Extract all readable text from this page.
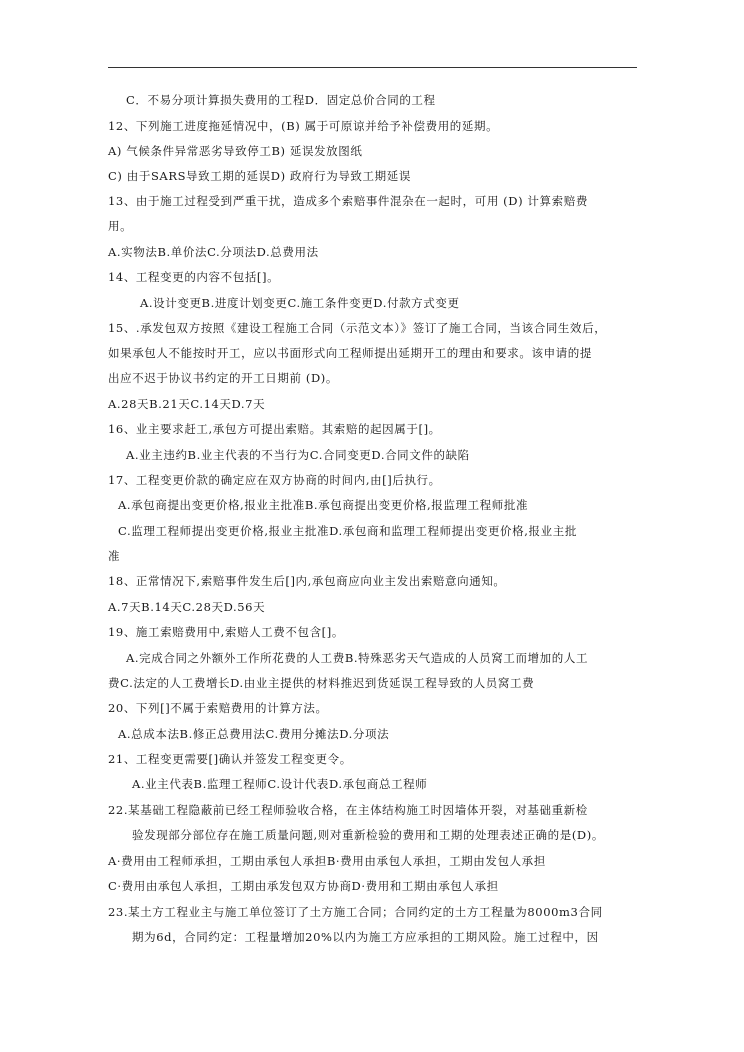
C．不易分项计算损失费用的工程D．固定总价合同的工程
12、下列施工进度拖延情况中，(B) 属于可原谅并给予补偿费用的延期。
A) 气候条件异常恶劣导致停工B) 延误发放图纸
C) 由于SARS导致工期的延误D) 政府行为导致工期延误
13、由于施工过程受到严重干扰，造成多个索赔事件混杂在一起时，可用 (D) 计算索赔费
用。
A.实物法B.单价法C.分项法D.总费用法
14、工程变更的内容不包括[]。
A.设计变更B.进度计划变更C.施工条件变更D.付款方式变更
15、.承发包双方按照《建设工程施工合同（示范文本）》签订了施工合同，当该合同生效后，
如果承包人不能按时开工，应以书面形式向工程师提出延期开工的理由和要求。该申请的提
出应不迟于协议书约定的开工日期前 (D)。
A.28天B.21天C.14天D.7天
16、业主要求赶工,承包方可提出索赔。其索赔的起因属于[]。
A.业主违约B.业主代表的不当行为C.合同变更D.合同文件的缺陷
17、工程变更价款的确定应在双方协商的时间内,由[]后执行。
A.承包商提出变更价格,报业主批准B.承包商提出变更价格,报监理工程师批准
C.监理工程师提出变更价格,报业主批准D.承包商和监理工程师提出变更价格,报业主批
准
18、正常情况下,索赔事件发生后[]内,承包商应向业主发出索赔意向通知。
A.7天B.14天C.28天D.56天
19、施工索赔费用中,索赔人工费不包含[]。
A.完成合同之外额外工作所花费的人工费B.特殊恶劣天气造成的人员窝工而增加的人工
费C.法定的人工费增长D.由业主提供的材料推迟到货延误工程导致的人员窝工费
20、下列[]不属于索赔费用的计算方法。
A.总成本法B.修正总费用法C.费用分摊法D.分项法
21、工程变更需要[]确认并签发工程变更令。
A.业主代表B.监理工程师C.设计代表D.承包商总工程师
22.某基础工程隐蔽前已经工程师验收合格，在主体结构施工时因墙体开裂，对基础重新检
验发现部分部位存在施工质量问题,则对重新检验的费用和工期的处理表述正确的是(D)。
A·费用由工程师承担，工期由承包人承担B·费用由承包人承担，工期由发包人承担
C·费用由承包人承担，工期由承发包双方协商D·费用和工期由承包人承担
23.某土方工程业主与施工单位签订了土方施工合同；合同约定的土方工程量为8000m3合同
期为6d，合同约定：工程量增加20%以内为施工方应承担的工期风险。施工过程中，因
